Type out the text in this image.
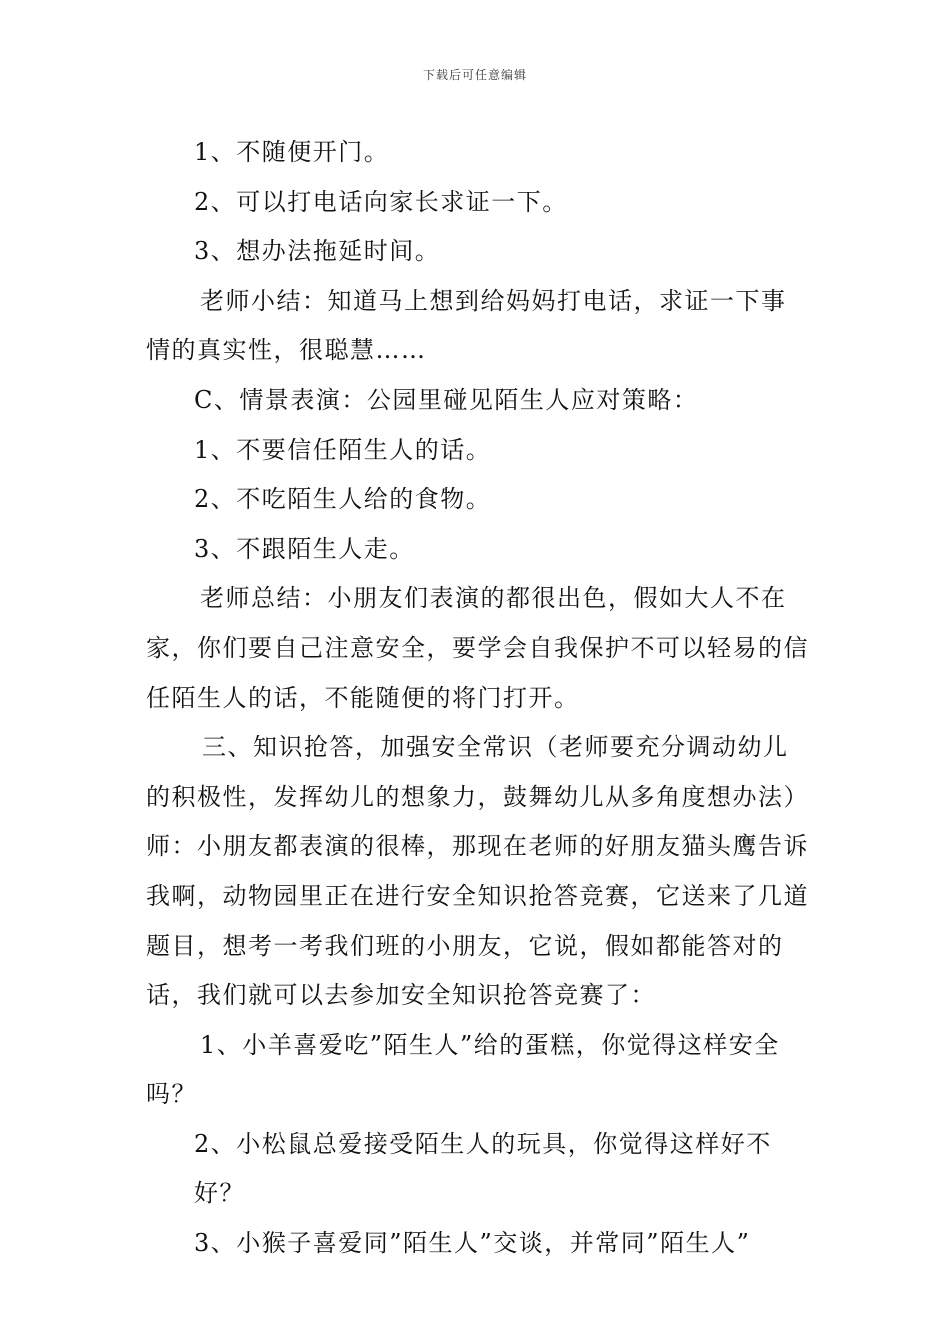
下载后可任意编辑

1、不随便开门。

2、可以打电话向家长求证一下。

3、想办法拖延时间。

老师小结：知道马上想到给妈妈打电话，求证一下事情的真实性，很聪慧……

C、情景表演：公园里碰见陌生人应对策略：

1、不要信任陌生人的话。

2、不吃陌生人给的食物。

3、不跟陌生人走。

老师总结：小朋友们表演的都很出色，假如大人不在家，你们要自己注意安全，要学会自我保护不可以轻易的信任陌生人的话，不能随便的将门打开。

三、知识抢答，加强安全常识（老师要充分调动幼儿的积极性，发挥幼儿的想象力，鼓舞幼儿从多角度想办法）师：小朋友都表演的很棒，那现在老师的好朋友猫头鹰告诉我啊，动物园里正在进行安全知识抢答竞赛，它送来了几道题目，想考一考我们班的小朋友，它说，假如都能答对的话，我们就可以去参加安全知识抢答竞赛了：

1、小羊喜爱吃”陌生人”给的蛋糕，你觉得这样安全吗？

2、小松鼠总爱接受陌生人的玩具，你觉得这样好不好？

3、小猴子喜爱同”陌生人”交谈，并常同”陌生人”
